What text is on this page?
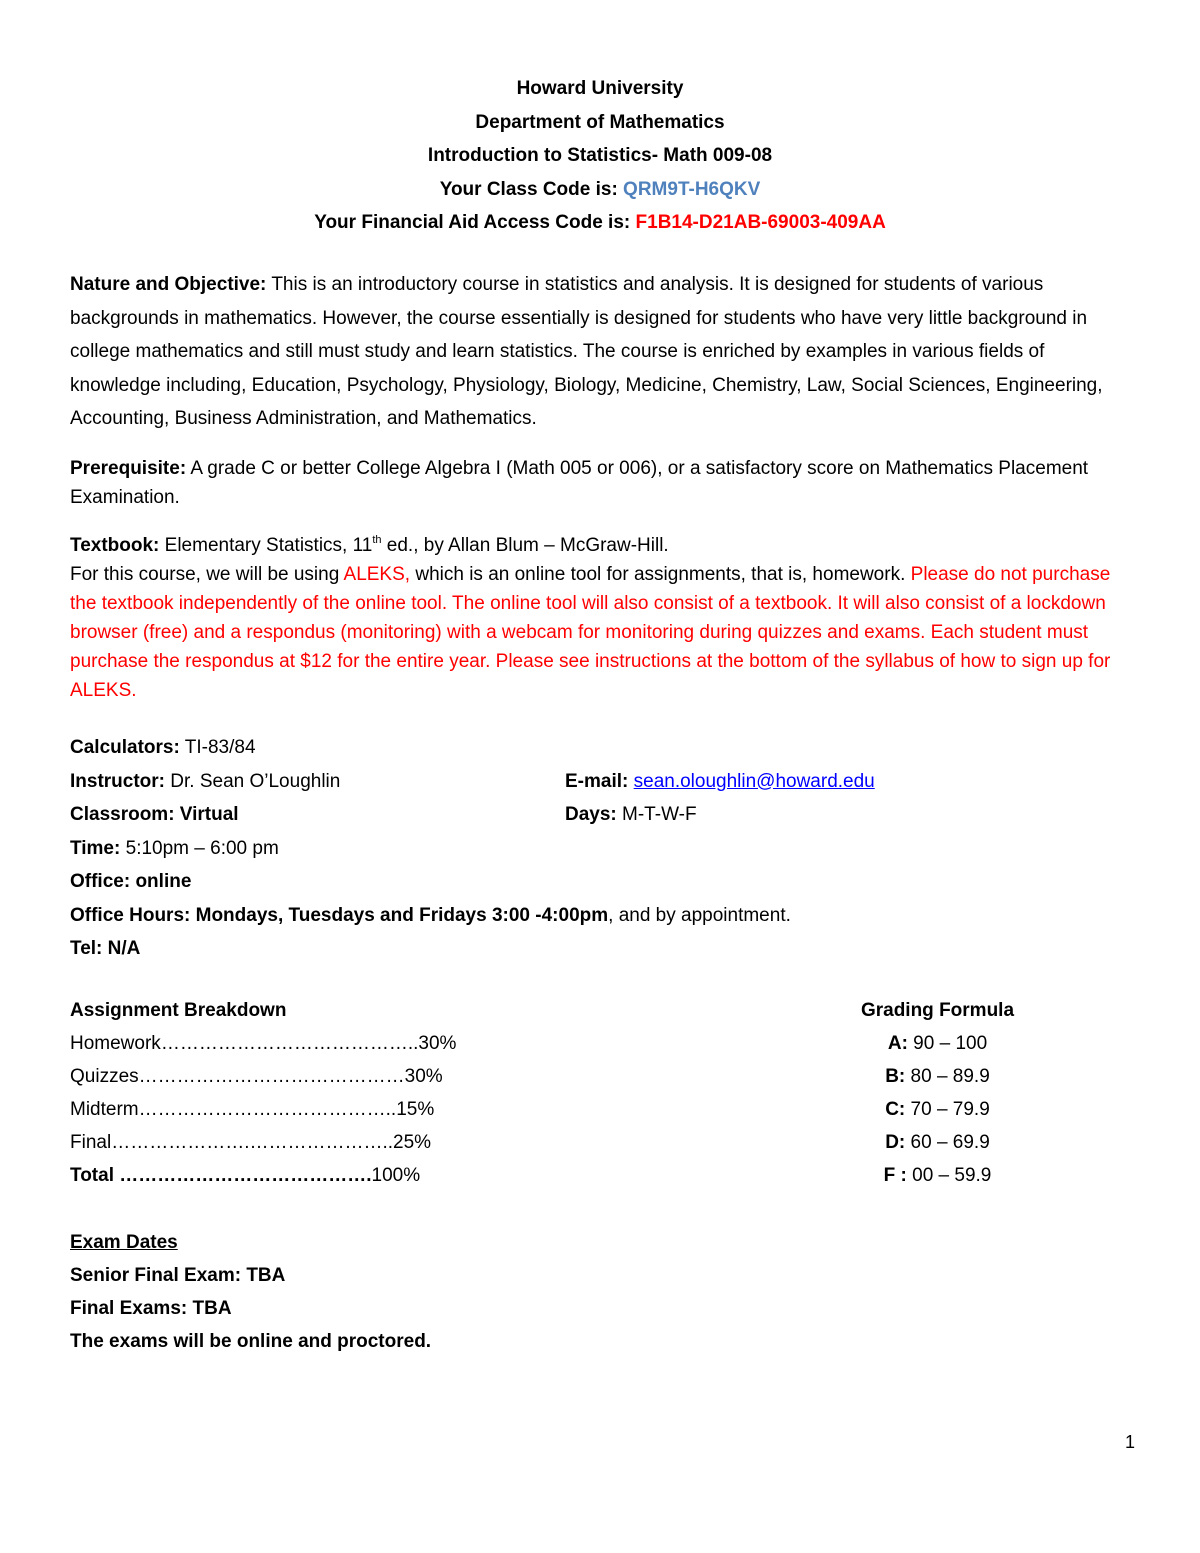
Howard University
Department of Mathematics
Introduction to Statistics- Math 009-08
Your Class Code is: QRM9T-H6QKV
Your Financial Aid Access Code is: F1B14-D21AB-69003-409AA
Nature and Objective: This is an introductory course in statistics and analysis. It is designed for students of various backgrounds in mathematics. However, the course essentially is designed for students who have very little background in college mathematics and still must study and learn statistics. The course is enriched by examples in various fields of knowledge including, Education, Psychology, Physiology, Biology, Medicine, Chemistry, Law, Social Sciences, Engineering, Accounting, Business Administration, and Mathematics.
Prerequisite: A grade C or better College Algebra I (Math 005 or 006), or a satisfactory score on Mathematics Placement Examination.
Textbook: Elementary Statistics, 11th ed., by Allan Blum – McGraw-Hill.
For this course, we will be using ALEKS, which is an online tool for assignments, that is, homework. Please do not purchase the textbook independently of the online tool. The online tool will also consist of a textbook. It will also consist of a lockdown browser (free) and a respondus (monitoring) with a webcam for monitoring during quizzes and exams. Each student must purchase the respondus at $12 for the entire year. Please see instructions at the bottom of the syllabus of how to sign up for ALEKS.
Calculators: TI-83/84
Instructor: Dr. Sean O’Loughlin	E-mail: sean.oloughlin@howard.edu
Classroom: Virtual	Days: M-T-W-F
Time: 5:10pm – 6:00 pm
Office: online
Office Hours: Mondays, Tuesdays and Fridays 3:00 -4:00pm, and by appointment.
Tel: N/A
Assignment Breakdown
Homework…………………………………..30%
Quizzes……………………………………30%
Midterm…………………………………..15%
Final………………….…………………..25%
Total ………………………………….100%
Grading Formula
A: 90 – 100
B: 80 – 89.9
C: 70 – 79.9
D: 60 – 69.9
F : 00 – 59.9
Exam Dates
Senior Final Exam: TBA
Final Exams: TBA
The exams will be online and proctored.
1
